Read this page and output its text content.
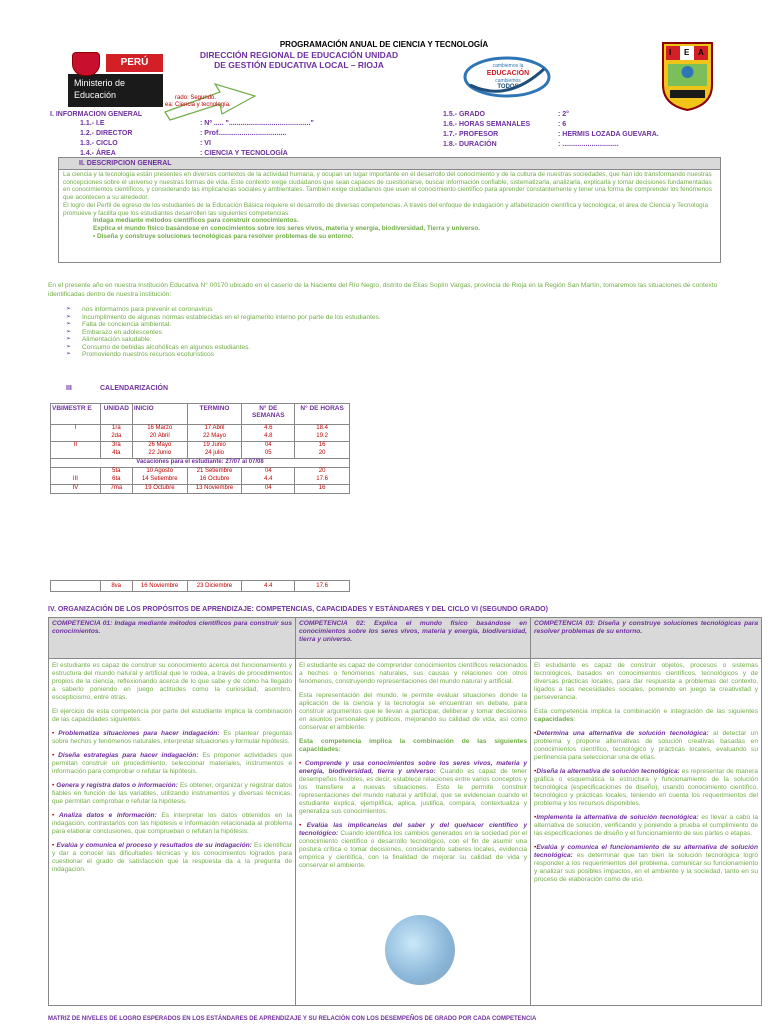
PROGRAMACIÓN ANUAL DE CIENCIA Y TECNOLOGÍA
PERÚ
Ministerio de
Educación
DIRECCIÓN REGIONAL DE EDUCACIÓN UNIDAD
DE GESTIÓN EDUCATIVA LOCAL – RIOJA
rado: Segundo.
ea: Ciencia y tecnología.
cambiemos la
EDUCACIÓN
cambiemos
TODOS
I E A
I. INFORMACION GENERAL
1.1.- I.E	: Nº ..... ".........................................."
1.2.- DIRECTOR	: Prof...................................
1.3.- CICLO	: VI
1.4.- ÁREA	: CIENCIA Y TECNOLOGÍA
1.5.- GRADO	: 2°
1.6.- HORAS SEMANALES	: 6
1.7.- PROFESOR	: HERMIS LOZADA GUEVARA.
1.8.- DURACIÓN	: .............................
II. DESCRIPCION GENERAL
La ciencia y la tecnología están presentes en diversos contextos de la actividad humana, y ocupan un lugar importante en el desarrollo del conocimiento y de la cultura de nuestras sociedades, que han ido transformando nuestras concepciones sobre el universo y nuestras formas de vida. Este contexto exige ciudadanos que sean capaces de cuestionarse, buscar información confiable, sistematizarla, analizarla, explicarla y tomar decisiones fundamentadas en conocimientos científicos, y considerando las implicancias sociales y ambientales. También exige ciudadanos que usen el conocimiento científico para aprender constantemente y tener una forma de comprender los fenómenos que acontecen a su alrededor.
El logro del Perfil de egreso de los estudiantes de la Educación Básica requiere el desarrollo de diversas competencias. A través del enfoque de indagación y alfabetización científica y tecnológica, el área de Ciencia y Tecnología promueve y facilita que los estudiantes desarrollen las siguientes competencias:
Indaga mediante métodos científicos para construir conocimientos.
Explica el mundo físico basándose en conocimientos sobre los seres vivos, materia y energía, biodiversidad, Tierra y universo.
• Diseña y construye soluciones tecnológicas para resolver problemas de su entorno.
En el presente año en nuestra Institución Educativa N° 00170 ubicado en el caserío de la Naciente del Río Negro, distrito de Elías Soplín Vargas, provincia de Rioja en la Región San Martín, tomaremos las situaciones de contexto identificadas dentro de nuestra institución:
➢ nos informamos para prevenir el coronavirus
➢ Incumplimiento de algunas normas establecidas en el reglamento interno por parte de los estudiantes.
➢ Falta de conciencia ambiental.
➢ Embarazo en adolescentes
➢ Alimentación saludable.
➢ Consumo de bebidas alcohólicas en algunos estudiantes.
➢ Promoviendo nuestros recursos ecoturísticos
III	CALENDARIZACIÓN
VBIMESTR E	UNIDAD	INICIO	TERMINO	N° DE SEMANAS	N° DE HORAS
I	1ra	16 Marzo	17 Abril	4.6	18.4
	2da	20 Abril	22 Mayo	4.8	19.2
II	3ra	26 Mayo	19 Junio	04	16
	4ta	22 Junio	24 julio	05	20
Vacaciones para el estudiante: 27/07 al 07/08					
	5ta	10 Agosto	21 Setiembre	04	20
III	6ta	14 Setiembre	16 Octubre	4.4	17.6
IV	7ma	19 Octubre	13 Noviembre	04	16
	8va	16 Noviembre	23 Diciembre	4.4	17.6
IV. ORGANIZACIÓN DE LOS PROPÓSITOS DE APRENDIZAJE: COMPETENCIAS, CAPACIDADES Y ESTÁNDARES Y DEL CICLO VI (SEGUNDO GRADO)
COMPETENCIA 01: Indaga mediante métodos científicos para construir sus conocimientos.

El estudiante es capaz de construir su conocimiento acerca del funcionamiento y estructura del mundo natural y artificial que le rodea, a través de procedimientos propios de la ciencia, reflexionando acerca de lo que sabe y de cómo ha llegado a saberlo poniendo en juego actitudes como la curiosidad, asombro, escepticismo, entre otras.

El ejercicio de esta competencia por parte del estudiante implica la combinación de las capacidades siguientes:

• Problematiza situaciones para hacer indagación: Es plantear preguntas sobre hechos y fenómenos naturales, interpretar situaciones y formular hipótesis.

• Diseña estrategias para hacer indagación: Es proponer actividades que permitan construir un procedimiento, seleccionar materiales, instrumentos e información para comprobar o refutar la hipótesis.

• Genera y registra datos o información: Es obtener, organizar y registrar datos fiables en función de las variables, utilizando instrumentos y diversas técnicas, que permitan comprobar o refutar la hipótesis.

• Analiza datos e información: Es interpretar los datos obtenidos en la indagación, contrastarlos con las hipótesis e información relacionada al problema para elaborar conclusiones, que comprueban o refutan la hipótesis.

• Evalúa y comunica el proceso y resultados de su indagación: Es identificar y dar a conocer las dificultades técnicas y los conocimientos logrados para cuestionar el grado de satisfacción que la respuesta da a la pregunta de indagación.

COMPETENCIA 02: Explica el mundo físico basándose en conocimientos sobre los seres vivos, materia y energía, biodiversidad, tierra y universo.

El estudiante es capaz de comprender conocimientos científicos relacionados a hechos o fenómenos naturales, sus causas y relaciones con otros fenómenos, construyendo representaciones del mundo natural y artificial.

Esta representación del mundo, le permite evaluar situaciones donde la aplicación de la ciencia y la tecnología se encuentran en debate, para construir argumentos que le llevan a participar, deliberar y tomar decisiones en asuntos personales y públicos, mejorando su calidad de vida, así como conservar el ambiente.

Esta competencia implica la combinación de las siguientes capacidades:

• Comprende y usa conocimientos sobre los seres vivos, materia y energía, biodiversidad, tierra y universo: Cuando es capaz de tener desempeños flexibles, es decir, establece relaciones entre varios conceptos y los transfiere a nuevas situaciones. Esto le permite construir representaciones del mundo natural y artificial, que se evidencian cuando el estudiante explica, ejemplifica, aplica, justifica, compara, contextualiza y generaliza sus conocimientos.

• Evalúa las implicancias del saber y del quehacer científico y tecnológico: Cuando identifica los cambios generados en la sociedad por el conocimiento científico o desarrollo tecnológico, con el fin de asumir una postura crítica o tomar decisiones, considerando saberes locales, evidencia empírica y científica, con la finalidad de mejorar su calidad de vida y conservar el ambiente.

COMPETENCIA 03: Diseña y construye soluciones tecnológicas para resolver problemas de su entorno.

El estudiante es capaz de construir objetos, procesos o sistemas tecnológicos, basados en conocimientos científicos, tecnológicos y de diversas prácticas locales, para dar respuesta a problemas del contexto, ligados a las necesidades sociales, poniendo en juego la creatividad y perseverancia.

Esta competencia implica la combinación e integración de las siguientes capacidades:

•Determina una alternativa de solución tecnológica: al detectar un problema y propone alternativas de solución creativas basadas en conocimientos científico, tecnológico y prácticas locales, evaluando su pertinencia para seleccionar una de ellas.

•Diseña la alternativa de solución tecnológica: es representar de manera gráfica o esquemática la estructura y funcionamiento de la solución tecnológica (especificaciones de diseño), usando conocimiento científico, tecnológico y prácticas locales, teniendo en cuenta los requerimientos del problema y los recursos disponibles.

•Implementa la alternativa de solución tecnológica: es llevar a cabo la alternativa de solución, verificando y poniendo a prueba el cumplimiento de las especificaciones de diseño y el funcionamiento de sus partes o etapas.

•Evalúa y comunica el funcionamiento de su alternativa de solución tecnológica: es determinar que tan bien la solución tecnológica logró responder a los requerimientos del problema, comunicar su funcionamiento y analizar sus posibles impactos, en el ambiente y la sociedad, tanto en su proceso de elaboración como de uso.

MATRIZ DE NIVELES DE LOGRO ESPERADOS EN LOS ESTÁNDARES DE APRENDIZAJE Y SU RELACIÓN CON LOS DESEMPEÑOS DE GRADO POR CADA COMPETENCIA
